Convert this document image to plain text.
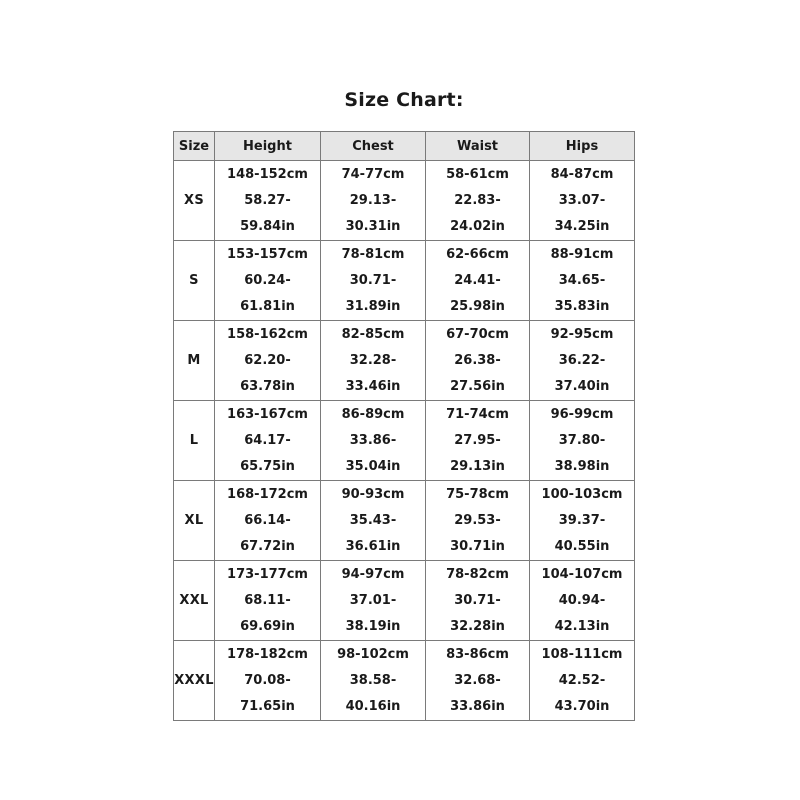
Size Chart:
Size	Height	Chest	Waist	Hips
XS	148-152cm
58.27-
59.84in	74-77cm
29.13-
30.31in	58-61cm
22.83-
24.02in	84-87cm
33.07-
34.25in

S	153-157cm
60.24-
61.81in	78-81cm
30.71-
31.89in	62-66cm
24.41-
25.98in	88-91cm
34.65-
35.83in

M	158-162cm
62.20-
63.78in	82-85cm
32.28-
33.46in	67-70cm
26.38-
27.56in	92-95cm
36.22-
37.40in

L	163-167cm
64.17-
65.75in	86-89cm
33.86-
35.04in	71-74cm
27.95-
29.13in	96-99cm
37.80-
38.98in

XL	168-172cm
66.14-
67.72in	90-93cm
35.43-
36.61in	75-78cm
29.53-
30.71in	100-103cm
39.37-
40.55in

XXL	173-177cm
68.11-
69.69in	94-97cm
37.01-
38.19in	78-82cm
30.71-
32.28in	104-107cm
40.94-
42.13in

XXXL	178-182cm
70.08-
71.65in	98-102cm
38.58-
40.16in	83-86cm
32.68-
33.86in	108-111cm
42.52-
43.70in
